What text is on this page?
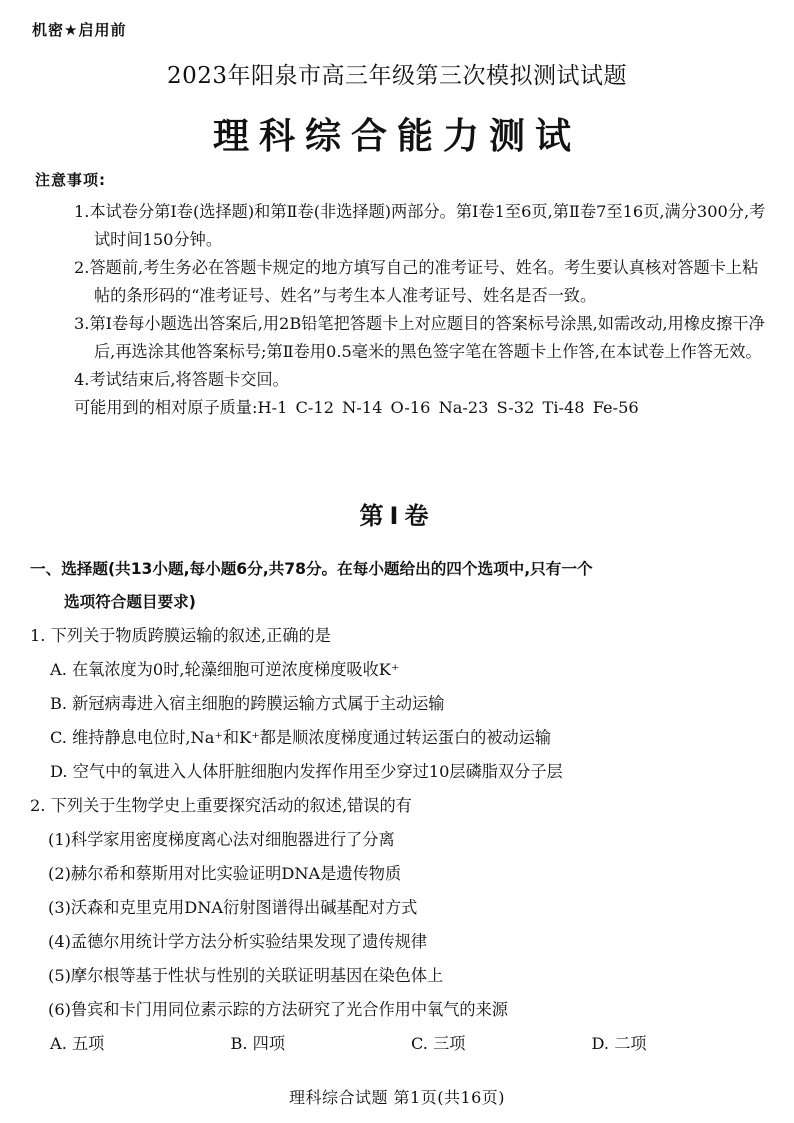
机密★启用前
2023年阳泉市高三年级第三次模拟测试试题
理科综合能力测试
注意事项:

1.本试卷分第Ⅰ卷(选择题)和第Ⅱ卷(非选择题)两部分。第Ⅰ卷1至6页,第Ⅱ卷7至16页,满分300分,考试时间150分钟。

2.答题前,考生务必在答题卡规定的地方填写自己的准考证号、姓名。考生要认真核对答题卡上粘帖的条形码的“准考证号、姓名”与考生本人准考证号、姓名是否一致。

3.第Ⅰ卷每小题选出答案后,用2B铅笔把答题卡上对应题目的答案标号涂黑,如需改动,用橡皮擦干净后,再选涂其他答案标号;第Ⅱ卷用0.5毫米的黑色签字笔在答题卡上作答,在本试卷上作答无效。

4.考试结束后,将答题卡交回。

可能用到的相对原子质量:H-1 C-12 N-14 O-16 Na-23 S-32 Ti-48 Fe-56

第Ⅰ卷
一、选择题(共13小题,每小题6分,共78分。在每小题给出的四个选项中,只有一个
选项符合题目要求)

1. 下列关于物质跨膜运输的叙述,正确的是

A. 在氧浓度为0时,轮藻细胞可逆浓度梯度吸收K⁺

B. 新冠病毒进入宿主细胞的跨膜运输方式属于主动运输

C. 维持静息电位时,Na⁺和K⁺都是顺浓度梯度通过转运蛋白的被动运输

D. 空气中的氧进入人体肝脏细胞内发挥作用至少穿过10层磷脂双分子层

2. 下列关于生物学史上重要探究活动的叙述,错误的有

(1)科学家用密度梯度离心法对细胞器进行了分离

(2)赫尔希和蔡斯用对比实验证明DNA是遗传物质

(3)沃森和克里克用DNA衍射图谱得出碱基配对方式

(4)孟德尔用统计学方法分析实验结果发现了遗传规律

(5)摩尔根等基于性状与性别的关联证明基因在染色体上

(6)鲁宾和卡门用同位素示踪的方法研究了光合作用中氧气的来源

A. 五项	B. 四项	C. 三项	D. 二项
理科综合试题 第1页(共16页)
